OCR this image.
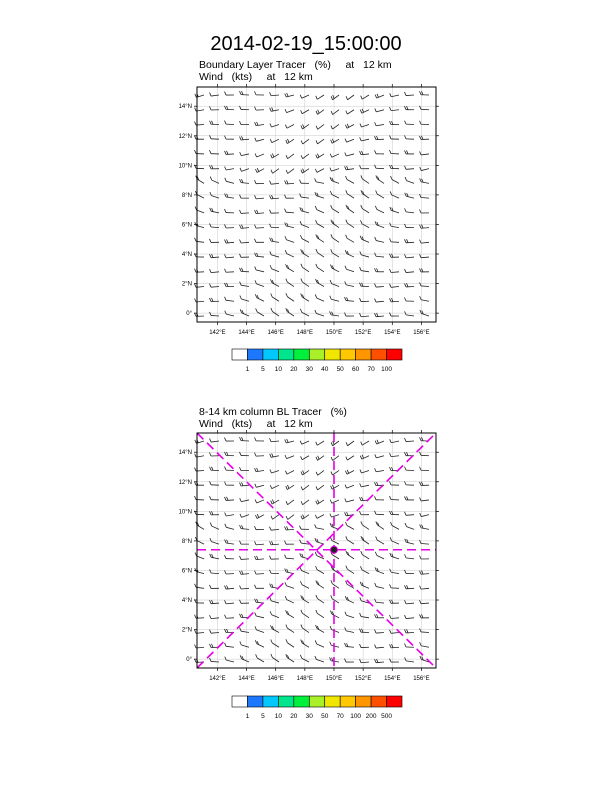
2014-02-19_15:00:00
Boundary Layer Tracer   (%)     at   12 km
Wind   (kts)     at   12 km
8-14 km column BL Tracer   (%)
Wind   (kts)     at   12 km
142°E 144°E 146°E 148°E 150°E 152°E 154°E 156°E
0°
2°N
4°N
6°N
8°N
10°N
12°N
14°N
1 5 10 20 30 40 50 60 70 100
142°E 144°E 146°E 148°E 150°E 152°E 154°E 156°E
0°
2°N
4°N
6°N
8°N
10°N
12°N
14°N
1 5 10 20 30 50 70 100 200 500
